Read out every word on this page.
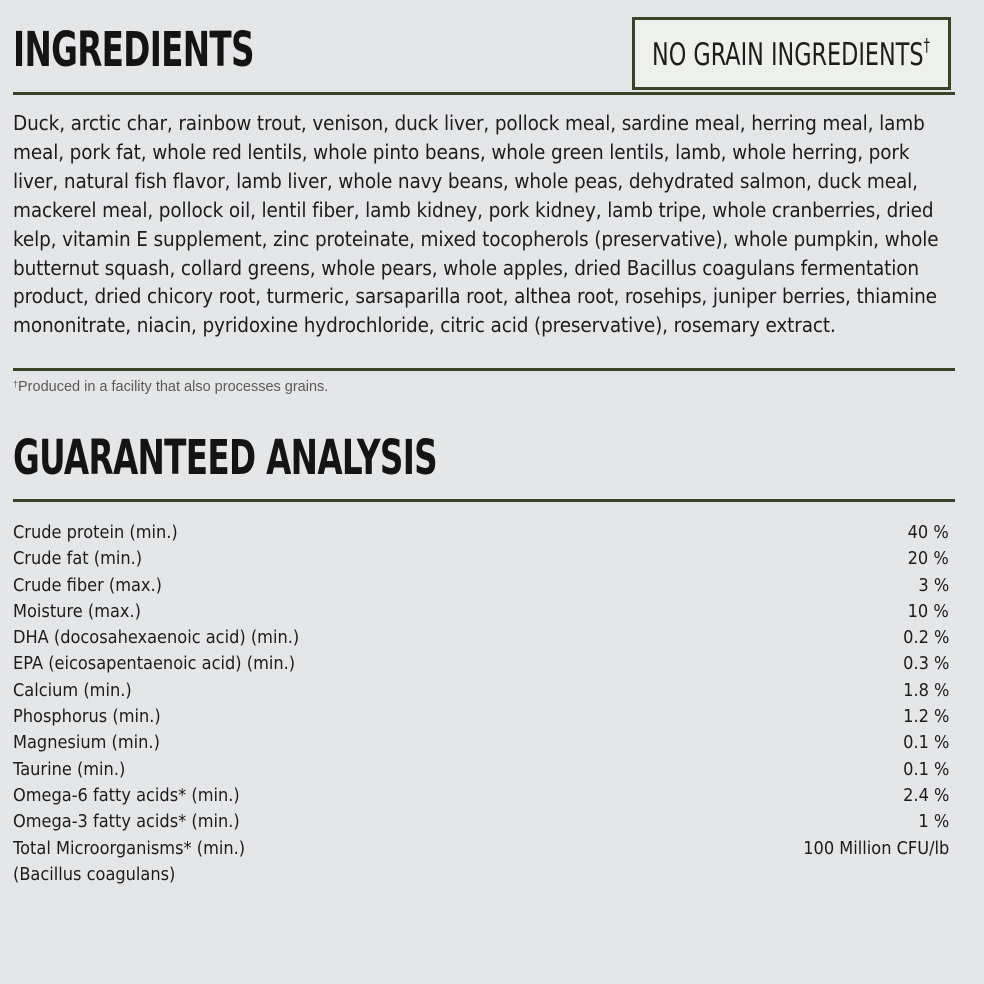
INGREDIENTS	NO GRAIN INGREDIENTS†
Duck, arctic char, rainbow trout, venison, duck liver, pollock meal, sardine meal, herring meal, lamb
meal, pork fat, whole red lentils, whole pinto beans, whole green lentils, lamb, whole herring, pork
liver, natural fish flavor, lamb liver, whole navy beans, whole peas, dehydrated salmon, duck meal,
mackerel meal, pollock oil, lentil fiber, lamb kidney, pork kidney, lamb tripe, whole cranberries, dried
kelp, vitamin E supplement, zinc proteinate, mixed tocopherols (preservative), whole pumpkin, whole
butternut squash, collard greens, whole pears, whole apples, dried Bacillus coagulans fermentation
product, dried chicory root, turmeric, sarsaparilla root, althea root, rosehips, juniper berries, thiamine
mononitrate, niacin, pyridoxine hydrochloride, citric acid (preservative), rosemary extract.
†Produced in a facility that also processes grains.
GUARANTEED ANALYSIS
Crude protein (min.)	40 %
Crude fat (min.)	20 %
Crude fiber (max.)	3 %
Moisture (max.)	10 %
DHA (docosahexaenoic acid) (min.)	0.2 %
EPA (eicosapentaenoic acid) (min.)	0.3 %
Calcium (min.)	1.8 %
Phosphorus (min.)	1.2 %
Magnesium (min.)	0.1 %
Taurine (min.)	0.1 %
Omega-6 fatty acids* (min.)	2.4 %
Omega-3 fatty acids* (min.)	1 %
Total Microorganisms* (min.)	100 Million CFU/lb
(Bacillus coagulans)
